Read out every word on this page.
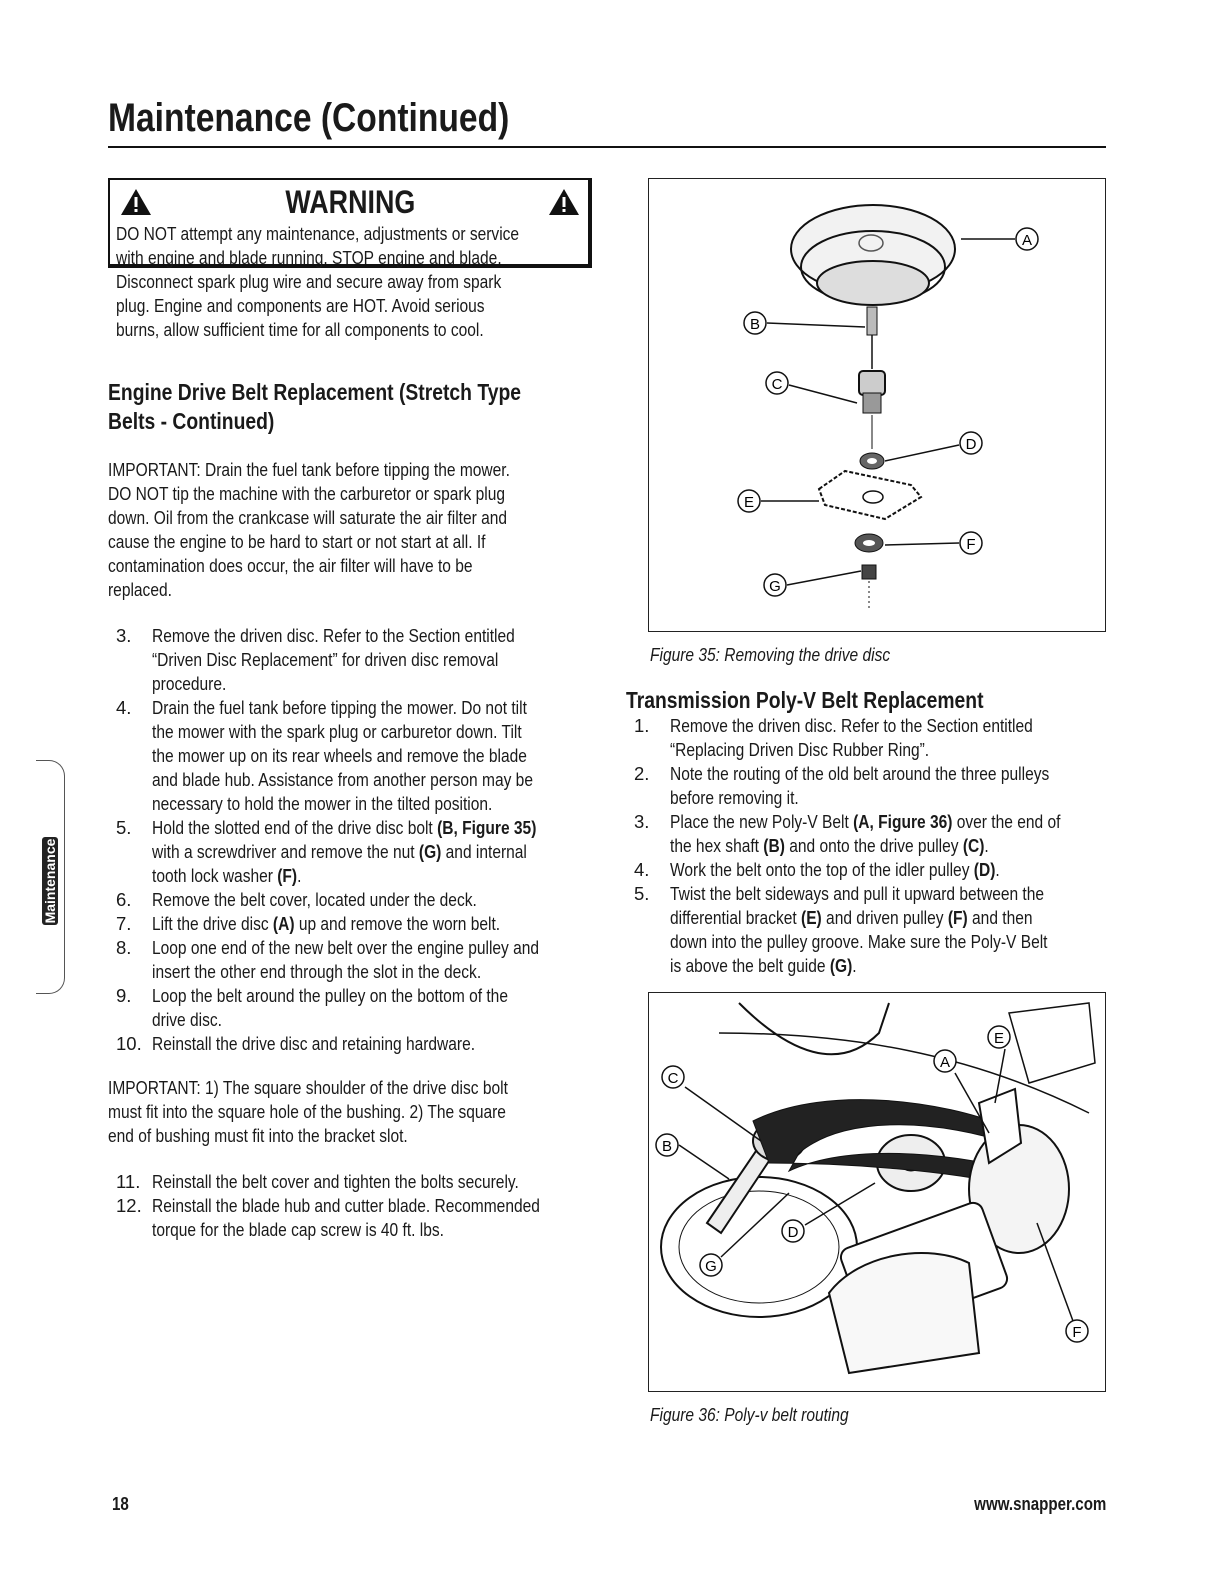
Maintenance (Continued)
WARNING
DO NOT attempt any maintenance, adjustments or service
with engine and blade running. STOP engine and blade.
Disconnect spark plug wire and secure away from spark
plug. Engine and components are HOT. Avoid serious
burns, allow sufficient time for all components to cool.
Engine Drive Belt Replacement (Stretch Type
Belts - Continued)
IMPORTANT: Drain the fuel tank before tipping the mower.
DO NOT tip the machine with the carburetor or spark plug
down. Oil from the crankcase will saturate the air filter and
cause the engine to be hard to start or not start at all. If
contamination does occur, the air filter will have to be
replaced.
3. Remove the driven disc. Refer to the Section entitled
“Driven Disc Replacement” for driven disc removal
procedure.
4. Drain the fuel tank before tipping the mower. Do not tilt
the mower with the spark plug or carburetor down. Tilt
the mower up on its rear wheels and remove the blade
and blade hub. Assistance from another person may be
necessary to hold the mower in the tilted position.
5. Hold the slotted end of the drive disc bolt (B, Figure 35)
with a screwdriver and remove the nut (G) and internal
tooth lock washer (F).
6. Remove the belt cover, located under the deck.
7. Lift the drive disc (A) up and remove the worn belt.
8. Loop one end of the new belt over the engine pulley and
insert the other end through the slot in the deck.
9. Loop the belt around the pulley on the bottom of the
drive disc.
10. Reinstall the drive disc and retaining hardware.
IMPORTANT: 1) The square shoulder of the drive disc bolt
must fit into the square hole of the bushing. 2) The square
end of bushing must fit into the bracket slot.
11. Reinstall the belt cover and tighten the bolts securely.
12. Reinstall the blade hub and cutter blade. Recommended
torque for the blade cap screw is 40 ft. lbs.
A
B
C
D
E
F
G
Figure 35: Removing the drive disc
Transmission Poly-V Belt Replacement
1. Remove the driven disc. Refer to the Section entitled
“Replacing Driven Disc Rubber Ring”.
2. Note the routing of the old belt around the three pulleys
before removing it.
3. Place the new Poly-V Belt (A, Figure 36) over the end of
the hex shaft (B) and onto the drive pulley (C).
4. Work the belt onto the top of the idler pulley (D).
5. Twist the belt sideways and pull it upward between the
differential bracket (E) and driven pulley (F) and then
down into the pulley groove. Make sure the Poly-V Belt
is above the belt guide (G).
C
A
E
B
D
G
F
Figure 36: Poly-v belt routing
Maintenance
18	www.snapper.com
